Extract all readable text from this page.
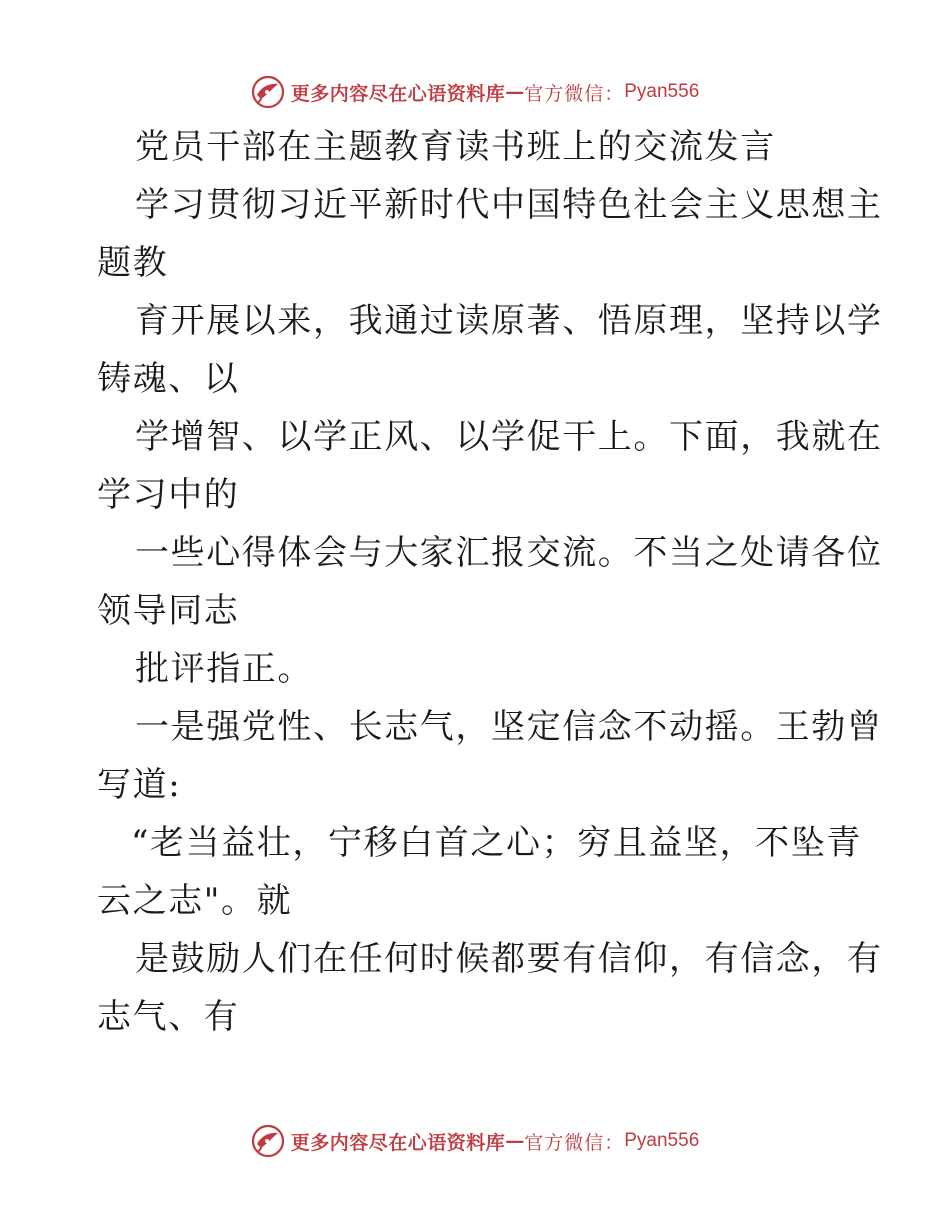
更多内容尽在心语资料库 — 官方微信： Pyan556
党员干部在主题教育读书班上的交流发言
学习贯彻习近平新时代中国特色社会主义思想主
题教
育开展以来，我通过读原著、悟原理，坚持以学
铸魂、以
学增智、以学正风、以学促干上。下面，我就在
学习中的
一些心得体会与大家汇报交流。不当之处请各位
领导同志
批评指正。
一是强党性、长志气，坚定信念不动摇。王勃曾
写道:
“老当益壮，宁移白首之心；穷且益坚，不坠青
云之志"。就
是鼓励人们在任何时候都要有信仰，有信念，有
志气、有
更多内容尽在心语资料库 — 官方微信： Pyan556
